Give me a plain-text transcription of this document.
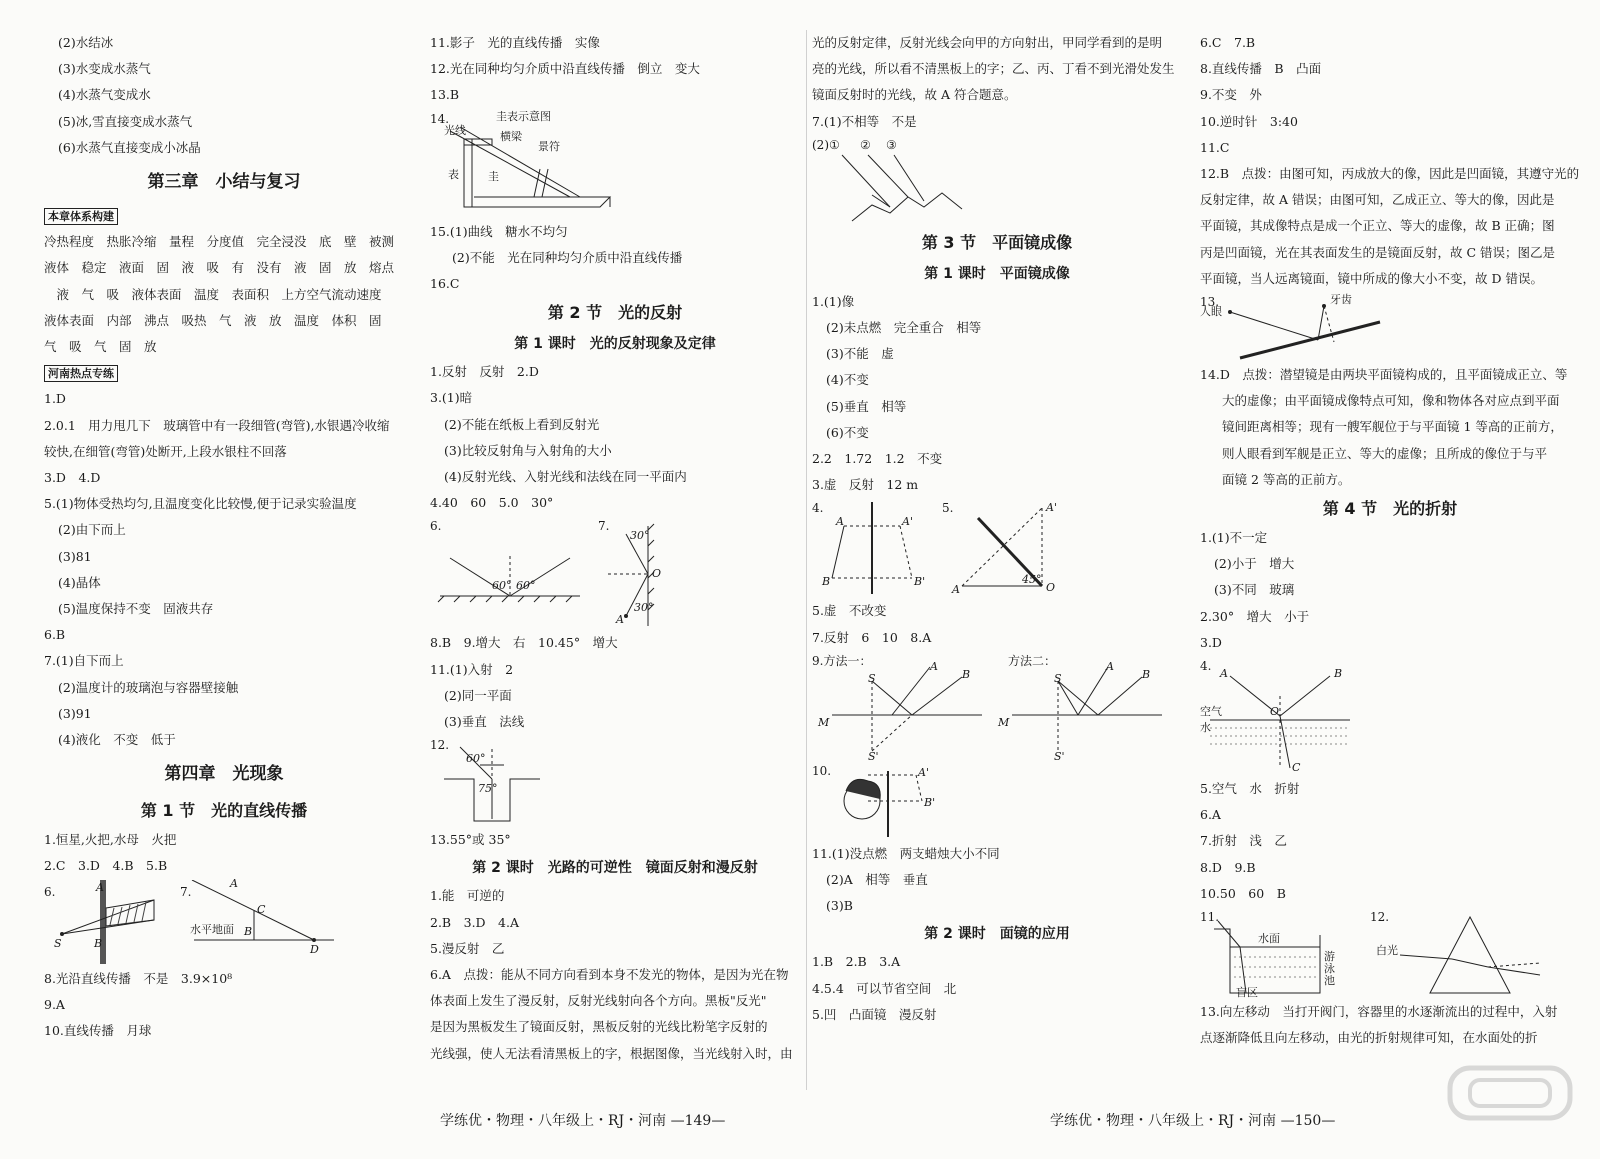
(2)水结冰

(3)水变成水蒸气

(4)水蒸气变成水

(5)冰,雪直接变成水蒸气

(6)水蒸气直接变成小冰晶

第三章　小结与复习

本章体系构建

冷热程度　热胀冷缩　量程　分度值　完全浸没　底　壁　被测

液体　稳定　液面　固　液　吸　有　没有　液　固　放　熔点

　液　气　吸　液体表面　温度　表面积　上方空气流动速度

液体表面　内部　沸点　吸热　气　液　放　温度　体积　固

气　吸　气　固　放

河南热点专练

1.D

2.0.1　用力甩几下　玻璃管中有一段细管(弯管),水银遇冷收缩

较快,在细管(弯管)处断开,上段水银柱不回落

3.D　4.D

5.(1)物体受热均匀,且温度变化比较慢,便于记录实验温度

(2)由下而上

(3)81

(4)晶体

(5)温度保持不变　固液共存

6.B

7.(1)自下而上

(2)温度计的玻璃泡与容器壁接触

(3)91

(4)液化　不变　低于

第四章　光现象

第 1 节　光的直线传播

1.恒星,火把,水母　火把

2.C　3.D　4.B　5.B

6.	7.
A
B
S
A
C
B
D
水平地面

8.光沿直线传播　不是　3.9×10⁸

9.A

10.直线传播　月球

11.影子　光的直线传播　实像

12.光在同种均匀介质中沿直线传播　倒立　变大

13.B

14.	圭表示意图
光线	横梁
景符
表	圭

15.(1)曲线　糖水不均匀

(2)不能　光在同种均匀介质中沿直线传播

16.C

第 2 节　光的反射

第 1 课时　光的反射现象及定律

1.反射　反射　2.D

3.(1)暗

(2)不能在纸板上看到反射光

(3)比较反射角与入射角的大小

(4)反射光线、入射光线和法线在同一平面内

4.40　60　5.0　30°

6.	7.
60° 60°
30°
30°
O
A

8.B　9.增大　右　10.45°　增大

11.(1)入射　2

(2)同一平面

(3)垂直　法线

12.
60°
75°

13.55°或 35°

第 2 课时　光路的可逆性　镜面反射和漫反射

1.能　可逆的

2.B　3.D　4.A

5.漫反射　乙

6.A　点拨：能从不同方向看到本身不发光的物体，是因为光在物

体表面上发生了漫反射，反射光线射向各个方向。黑板"反光"

是因为黑板发生了镜面反射，黑板反射的光线比粉笔字反射的

光线强，使人无法看清黑板上的字，根据图像，当光线射入时，由

光的反射定律，反射光线会向甲的方向射出，甲同学看到的是明

亮的光线，所以看不清黑板上的字；乙、丙、丁看不到光滑处发生

镜面反射时的光线，故 A 符合题意。

7.(1)不相等　不是

(2)① ② ③

第 3 节　平面镜成像

第 1 课时　平面镜成像

1.(1)像

(2)未点燃　完全重合　相等

(3)不能　虚

(4)不变

(5)垂直　相等

(6)不变

2.2　1.72　1.2　不变

3.虚　反射　12 m

4.	5.
A	A'
B	B'
A
A'
45°
O

5.虚　不改变

7.反射　6　10　8.A

9.方法一：	方法二：
S
S'
M
A
B	S
S'
M
A
B
10.	A'
B'

11.(1)没点燃　两支蜡烛大小不同

(2)A　相等　垂直

(3)B

第 2 课时　面镜的应用

1.B　2.B　3.A

4.5.4　可以节省空间　北

5.凹　凸面镜　漫反射

6.C　7.B

8.直线传播　B　凸面

9.不变　外

10.逆时针　3:40

11.C

12.B　点拨：由图可知，丙成放大的像，因此是凹面镜，其遵守光的

反射定律，故 A 错误；由图可知，乙成正立、等大的像，因此是

平面镜，其成像特点是成一个正立、等大的虚像，故 B 正确；图

丙是凹面镜，光在其表面发生的是镜面反射，故 C 错误；图乙是

平面镜，当人远离镜面，镜中所成的像大小不变，故 D 错误。

13.
人眼
牙齿

14.D　点拨：潜望镜是由两块平面镜构成的，且平面镜成正立、等

大的虚像；由平面镜成像特点可知，像和物体各对应点到平面

镜间距离相等；现有一艘军舰位于与平面镜 1 等高的正前方，

则人眼看到军舰是正立、等大的虚像；且所成的像位于与平

面镜 2 等高的正前方。

第 4 节　光的折射

1.(1)不一定

(2)小于　增大

(3)不同　玻璃

2.30°　增大　小于

3.D

4.
A	B
O
C
空气
水

5.空气　水　折射

6.A

7.折射　浅　乙

8.D　9.B

10.50　60　B

11.	12.
水面
游泳池
盲区
白光

13.向左移动　当打开阀门，容器里的水逐渐流出的过程中，入射

点逐渐降低且向左移动，由光的折射规律可知，在水面处的折

学练优・物理・八年级上・RJ・河南 —149—	学练优・物理・八年级上・RJ・河南 —150—
